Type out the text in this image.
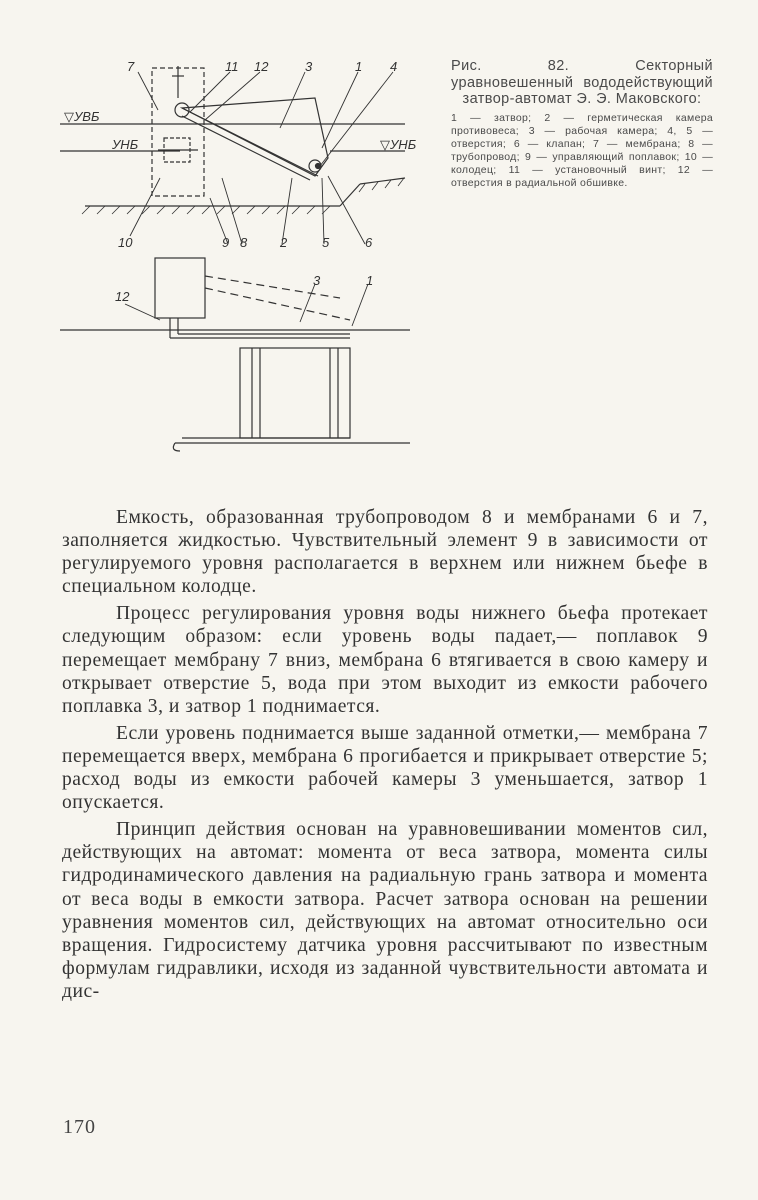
7	11 12	3	1 4
▽УВБ
УНБ	▽УНБ
10	9 8	2	5	6
12
3	1
Рис. 82. Секторный уравновешенный вододействующий затвор-автомат Э. Э. Маковского:
1 — затвор; 2 — герметическая камера противовеса; 3 — рабочая камера; 4, 5 — отверстия; 6 — клапан; 7 — мембрана; 8 — трубопровод; 9 — управляющий поплавок; 10 — колодец; 11 — установочный винт; 12 — отверстия в радиальной обшивке.

Емкость, образованная трубопроводом 8 и мембранами 6 и 7, заполняется жидкостью. Чувствительный элемент 9 в зависимости от регулируемого уровня располагается в верхнем или нижнем бьефе в специальном колодце.

Процесс регулирования уровня воды нижнего бьефа протекает следующим образом: если уровень воды падает,— поплавок 9 перемещает мембрану 7 вниз, мембрана 6 втягивается в свою камеру и открывает отверстие 5, вода при этом выходит из емкости рабочего поплавка 3, и затвор 1 поднимается.

Если уровень поднимается выше заданной отметки,— мембрана 7 перемещается вверх, мембрана 6 прогибается и прикрывает отверстие 5; расход воды из емкости рабочей камеры 3 уменьшается, затвор 1 опускается.

Принцип действия основан на уравновешивании моментов сил, действующих на автомат: момента от веса затвора, момента силы гидродинамического давления на радиальную грань затвора и момента от веса воды в емкости затвора. Расчет затвора основан на решении уравнения моментов сил, действующих на автомат относительно оси вращения. Гидросистему датчика уровня рассчитывают по известным формулам гидравлики, исходя из заданной чувствительности автомата и дис-

170
